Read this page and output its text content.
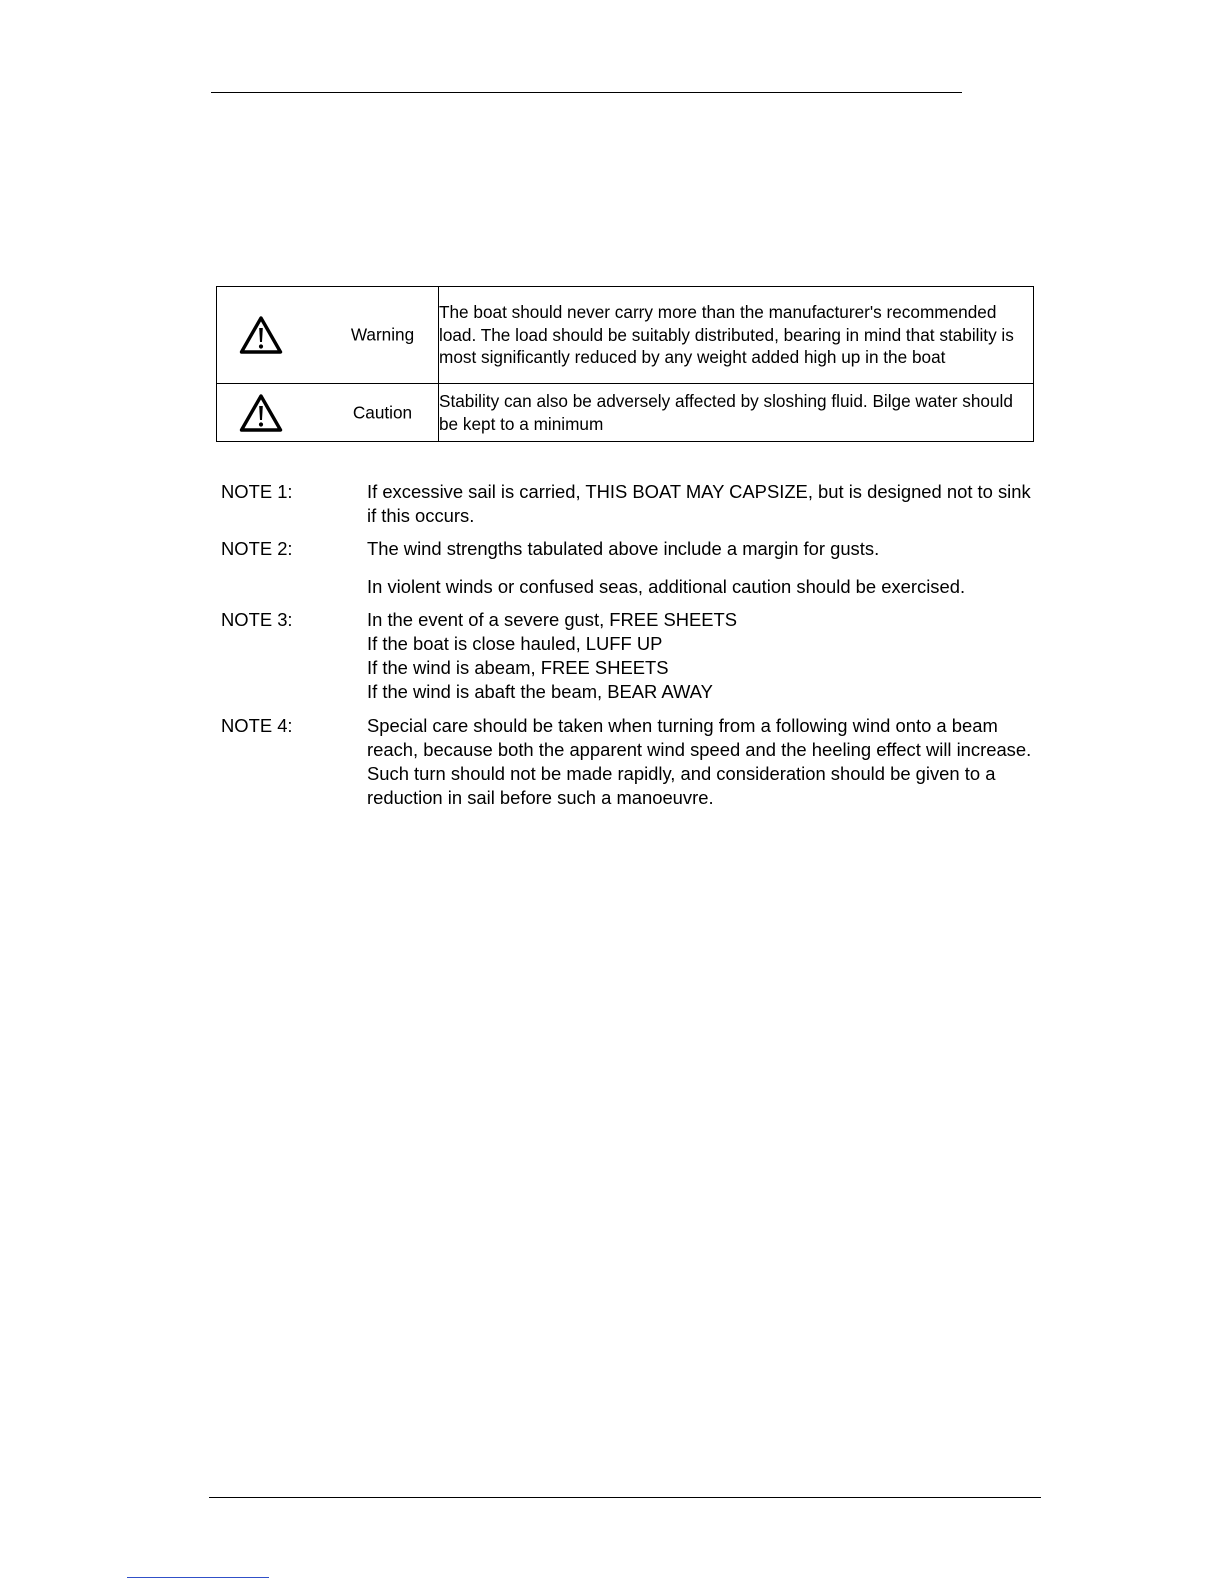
Warning	The boat should never carry more than the manufacturer's recommended load. The load should be suitably distributed, bearing in mind that stability is most significantly reduced by any weight added high up in the boat

Caution	Stability can also be adversely affected by sloshing fluid. Bilge water should be kept to a minimum
NOTE 1:	If excessive sail is carried, THIS BOAT MAY CAPSIZE, but is designed not to sink if this occurs.
NOTE 2:	The wind strengths tabulated above include a margin for gusts.
In violent winds or confused seas, additional caution should be exercised.
NOTE 3:	In the event of a severe gust, FREE SHEETS
If the boat is close hauled, LUFF UP
If the wind is abeam, FREE SHEETS
If the wind is abaft the beam, BEAR AWAY
NOTE 4:	Special care should be taken when turning from a following wind onto a beam reach, because both the apparent wind speed and the heeling effect will increase. Such turn should not be made rapidly, and consideration should be given to a reduction in sail before such a manoeuvre.
